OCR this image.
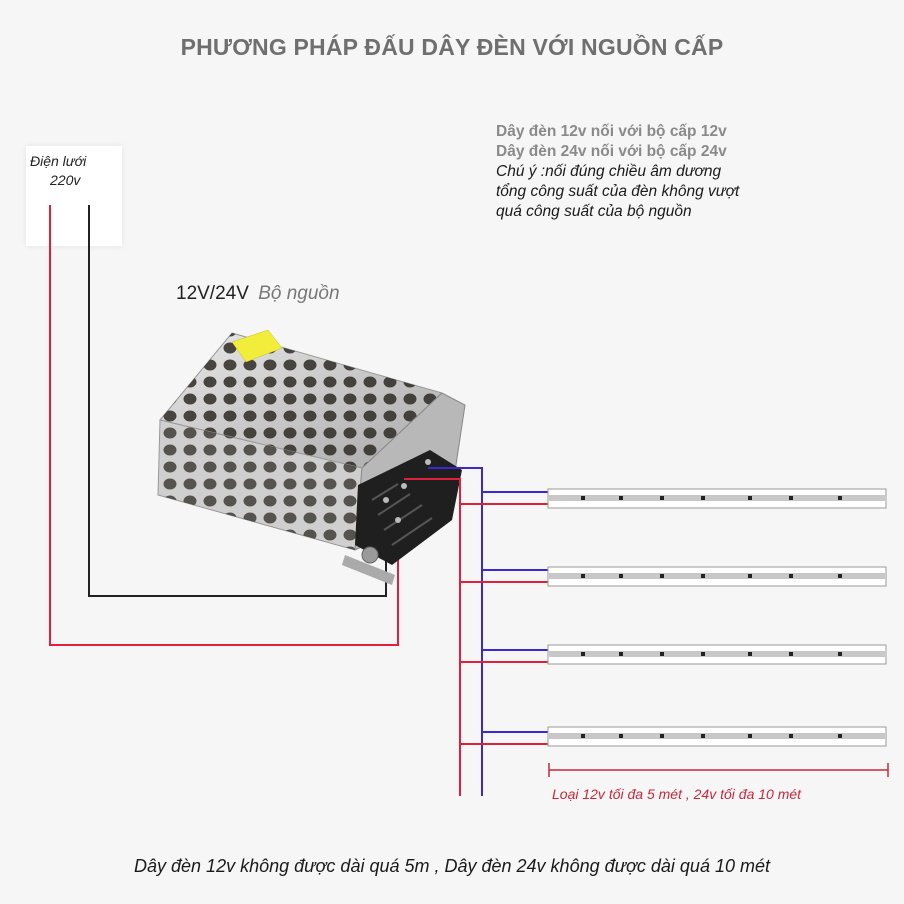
PHƯƠNG PHÁP ĐẤU DÂY ĐÈN VỚI NGUỒN CẤP
Dây đèn 12v nối với bộ cấp 12v
Dây đèn 24v nối với bộ cấp 24v
Chú ý :nối đúng chiều âm dương
tổng công suất của đèn không vượt
quá công suất của bộ nguồn
Điện lưới
220v
12V/24V Bộ nguồn
Loại 12v tối đa 5 mét , 24v tối đa 10 mét
Dây đèn 12v không được dài quá 5m , Dây đèn 24v không được dài quá 10 mét
